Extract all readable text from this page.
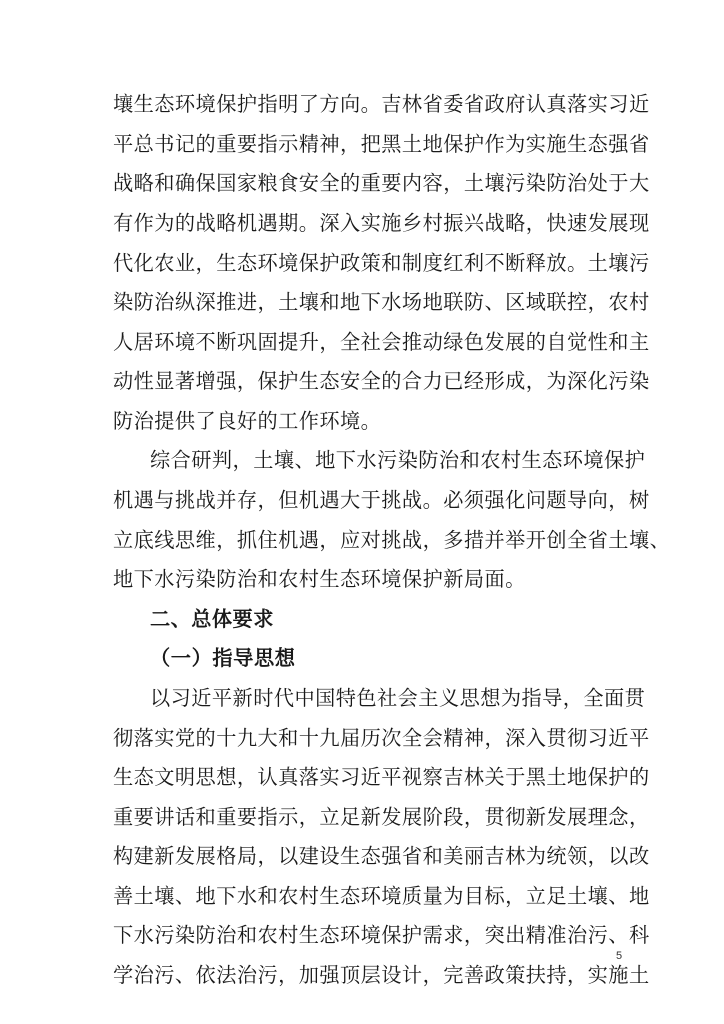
壤生态环境保护指明了方向。吉林省委省政府认真落实习近
平总书记的重要指示精神，把黑土地保护作为实施生态强省
战略和确保国家粮食安全的重要内容，土壤污染防治处于大
有作为的战略机遇期。深入实施乡村振兴战略，快速发展现
代化农业，生态环境保护政策和制度红利不断释放。土壤污
染防治纵深推进，土壤和地下水场地联防、区域联控，农村
人居环境不断巩固提升，全社会推动绿色发展的自觉性和主
动性显著增强，保护生态安全的合力已经形成，为深化污染
防治提供了良好的工作环境。
综合研判，土壤、地下水污染防治和农村生态环境保护
机遇与挑战并存，但机遇大于挑战。必须强化问题导向，树
立底线思维，抓住机遇，应对挑战，多措并举开创全省土壤、
地下水污染防治和农村生态环境保护新局面。
二、总体要求
（一）指导思想
以习近平新时代中国特色社会主义思想为指导，全面贯
彻落实党的十九大和十九届历次全会精神，深入贯彻习近平
生态文明思想，认真落实习近平视察吉林关于黑土地保护的
重要讲话和重要指示，立足新发展阶段，贯彻新发展理念，
构建新发展格局，以建设生态强省和美丽吉林为统领，以改
善土壤、地下水和农村生态环境质量为目标，立足土壤、地
下水污染防治和农村生态环境保护需求，突出精准治污、科
学治污、依法治污，加强顶层设计，完善政策扶持，实施土
5
